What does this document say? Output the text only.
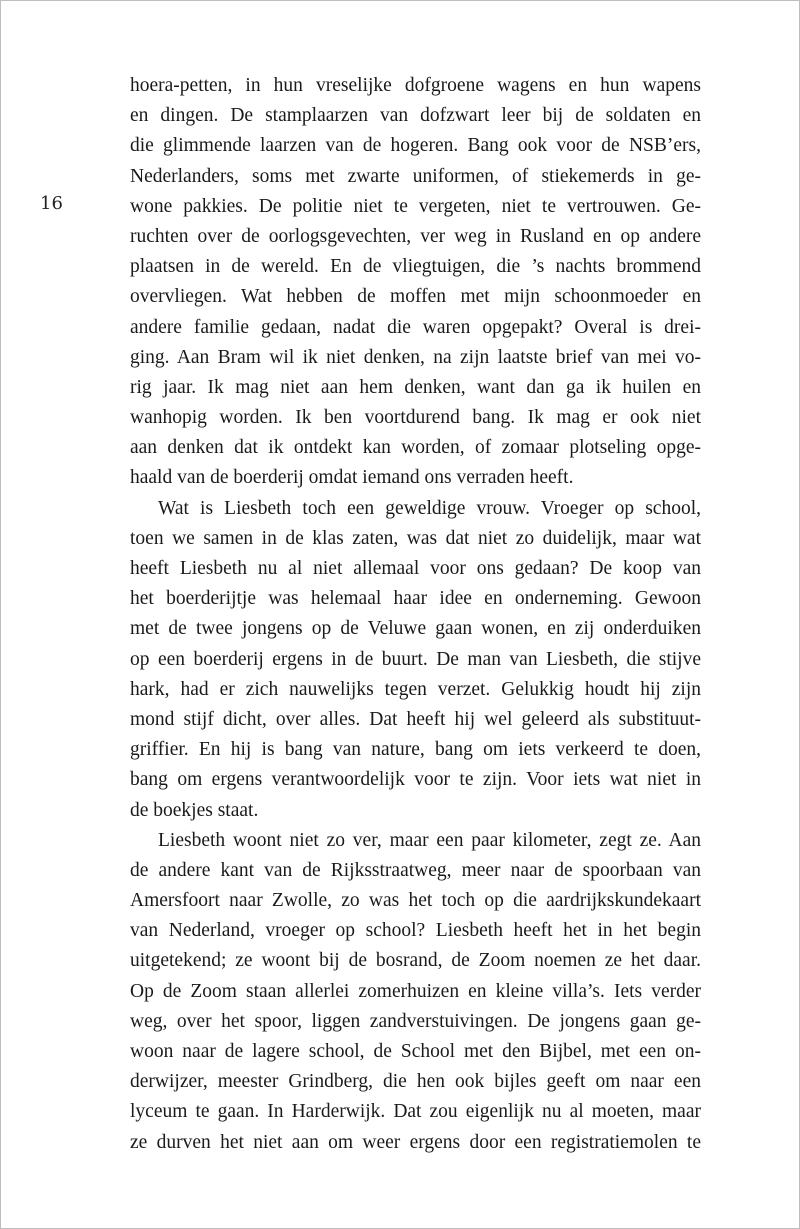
16
hoera-petten, in hun vreselijke dofgroene wagens en hun wapens
en dingen. De stamplaarzen van dofzwart leer bij de soldaten en
die glimmende laarzen van de hogeren. Bang ook voor de NSB’ers,
Nederlanders, soms met zwarte uniformen, of stiekemerds in ge-
wone pakkies. De politie niet te vergeten, niet te vertrouwen. Ge-
ruchten over de oorlogsgevechten, ver weg in Rusland en op andere
plaatsen in de wereld. En de vliegtuigen, die ’s nachts brommend
overvliegen. Wat hebben de moffen met mijn schoonmoeder en
andere familie gedaan, nadat die waren opgepakt? Overal is drei-
ging. Aan Bram wil ik niet denken, na zijn laatste brief van mei vo-
rig jaar. Ik mag niet aan hem denken, want dan ga ik huilen en
wanhopig worden. Ik ben voortdurend bang. Ik mag er ook niet
aan denken dat ik ontdekt kan worden, of zomaar plotseling opge-
haald van de boerderij omdat iemand ons verraden heeft.
Wat is Liesbeth toch een geweldige vrouw. Vroeger op school,
toen we samen in de klas zaten, was dat niet zo duidelijk, maar wat
heeft Liesbeth nu al niet allemaal voor ons gedaan? De koop van
het boerderijtje was helemaal haar idee en onderneming. Gewoon
met de twee jongens op de Veluwe gaan wonen, en zij onderduiken
op een boerderij ergens in de buurt. De man van Liesbeth, die stijve
hark, had er zich nauwelijks tegen verzet. Gelukkig houdt hij zijn
mond stijf dicht, over alles. Dat heeft hij wel geleerd als substituut-
griffier. En hij is bang van nature, bang om iets verkeerd te doen,
bang om ergens verantwoordelijk voor te zijn. Voor iets wat niet in
de boekjes staat.
Liesbeth woont niet zo ver, maar een paar kilometer, zegt ze. Aan
de andere kant van de Rijksstraatweg, meer naar de spoorbaan van
Amersfoort naar Zwolle, zo was het toch op die aardrijkskundekaart
van Nederland, vroeger op school? Liesbeth heeft het in het begin
uitgetekend; ze woont bij de bosrand, de Zoom noemen ze het daar.
Op de Zoom staan allerlei zomerhuizen en kleine villa’s. Iets verder
weg, over het spoor, liggen zandverstuivingen. De jongens gaan ge-
woon naar de lagere school, de School met den Bijbel, met een on-
derwijzer, meester Grindberg, die hen ook bijles geeft om naar een
lyceum te gaan. In Harderwijk. Dat zou eigenlijk nu al moeten, maar
ze durven het niet aan om weer ergens door een registratiemolen te
